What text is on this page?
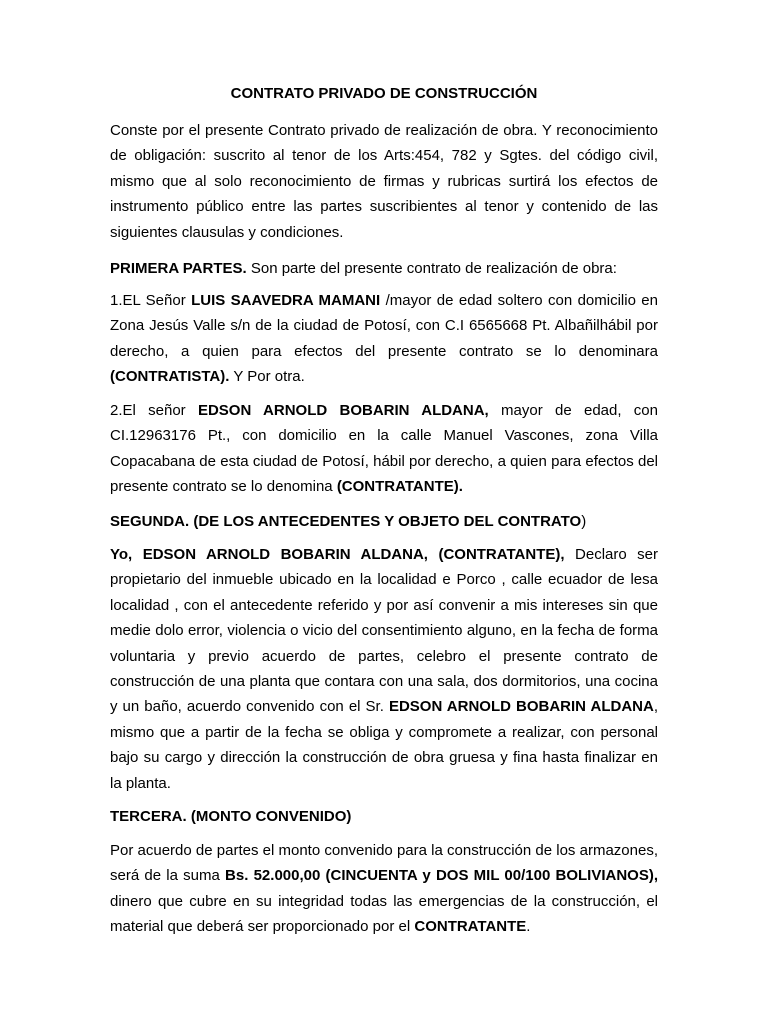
CONTRATO PRIVADO DE CONSTRUCCIÓN
Conste por el presente Contrato privado de realización de obra. Y reconocimiento de obligación: suscrito al tenor de los Arts:454, 782 y Sgtes. del código civil, mismo que al solo reconocimiento de firmas y rubricas surtirá los efectos de instrumento público entre las partes suscribientes al tenor y contenido de las siguientes clausulas y condiciones.
PRIMERA PARTES. Son parte del presente contrato de realización de obra:
1.EL Señor LUIS SAAVEDRA MAMANI /mayor de edad soltero con domicilio en Zona Jesús Valle s/n de la ciudad de Potosí, con C.I 6565668 Pt. Albañilhábil por derecho, a quien para efectos del presente contrato se lo denominara (CONTRATISTA). Y Por otra.
2.El señor EDSON ARNOLD BOBARIN ALDANA, mayor de edad, con CI.12963176 Pt., con domicilio en la calle Manuel Vascones, zona Villa Copacabana de esta ciudad de Potosí, hábil por derecho, a quien para efectos del presente contrato se lo denomina (CONTRATANTE).
SEGUNDA. (DE LOS ANTECEDENTES Y OBJETO DEL CONTRATO)
Yo, EDSON ARNOLD BOBARIN ALDANA, (CONTRATANTE), Declaro ser propietario del inmueble ubicado en la localidad e Porco , calle ecuador de lesa localidad , con el antecedente referido y por así convenir a mis intereses sin que medie dolo error, violencia o vicio del consentimiento alguno, en la fecha de forma voluntaria y previo acuerdo de partes, celebro el presente contrato de construcción de una planta que contara con una sala, dos dormitorios, una cocina y un baño, acuerdo convenido con el Sr. EDSON ARNOLD BOBARIN ALDANA, mismo que a partir de la fecha se obliga y compromete a realizar, con personal bajo su cargo y dirección la construcción de obra gruesa y fina hasta finalizar en la planta.
TERCERA. (MONTO CONVENIDO)
Por acuerdo de partes el monto convenido para la construcción de los armazones, será de la suma Bs. 52.000,00 (CINCUENTA y DOS MIL 00/100 BOLIVIANOS), dinero que cubre en su integridad todas las emergencias de la construcción, el material que deberá ser proporcionado por el CONTRATANTE.
